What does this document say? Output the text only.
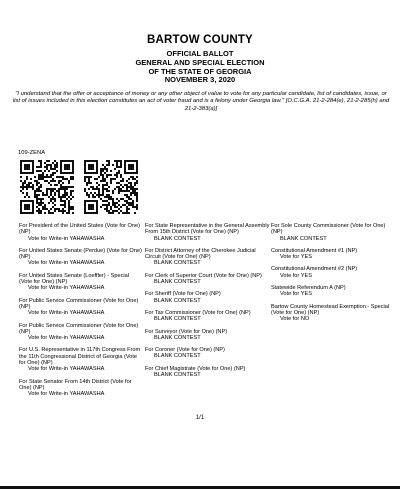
BARTOW COUNTY
OFFICIAL BALLOT
GENERAL AND SPECIAL ELECTION
OF THE STATE OF GEORGIA
NOVEMBER 3, 2020
"I understand that the offer or acceptance of money or any other object of value to vote for any particular candidate, list of candidates, issue, or list of issues included in this election constitutes an act of voter fraud and is a felony under Georgia law." [O.C.G.A. 21-2-284(e), 21-2-285(h) and 21-2-383(a)]
109-ZENA
For President of the United States (Vote for One) (NP)
Vote for Write-in YAHAWASHA
For United States Senate (Perdue) (Vote for One) (NP)
Vote for Write-in YAHAWASHA
For United States Senate (Loeffler) - Special (Vote for One) (NP)
Vote for Write-in YAHAWASHA
For Public Service Commissioner (Vote for One) (NP)
Vote for Write-in YAHAWASHA
For Public Service Commissioner (Vote for One) (NP)
Vote for Write-in YAHAWASHA
For U.S. Representative in 117th Congress From the 11th Congressional District of Georgia (Vote for One) (NP)
Vote for Write-in YAHAWASHA
For State Senator From 14th District (Vote for One) (NP)
Vote for Write-in YAHAWASHA
For State Representative in the General Assembly From 15th District (Vote for One) (NP)
BLANK CONTEST
For District Attorney of the Cherokee Judicial Circuit (Vote for One) (NP)
BLANK CONTEST
For Clerk of Superior Court (Vote for One) (NP)
BLANK CONTEST
For Sheriff (Vote for One) (NP)
BLANK CONTEST
For Tax Commissioner (Vote for One) (NP)
BLANK CONTEST
For Surveyor (Vote for One) (NP)
BLANK CONTEST
For Coroner (Vote for One) (NP)
BLANK CONTEST
For Chief Magistrate (Vote for One) (NP)
BLANK CONTEST
For Sole County Commissioner (Vote for One) (NP)
BLANK CONTEST
Constitutional Amendment #1 (NP)
Vote for YES
Constitutional Amendment #2 (NP)
Vote for YES
Statewide Referendum A (NP)
Vote for YES
Bartow County Homestead Exemption - Special (Vote for One) (NP)
Vote for NO
1/1
